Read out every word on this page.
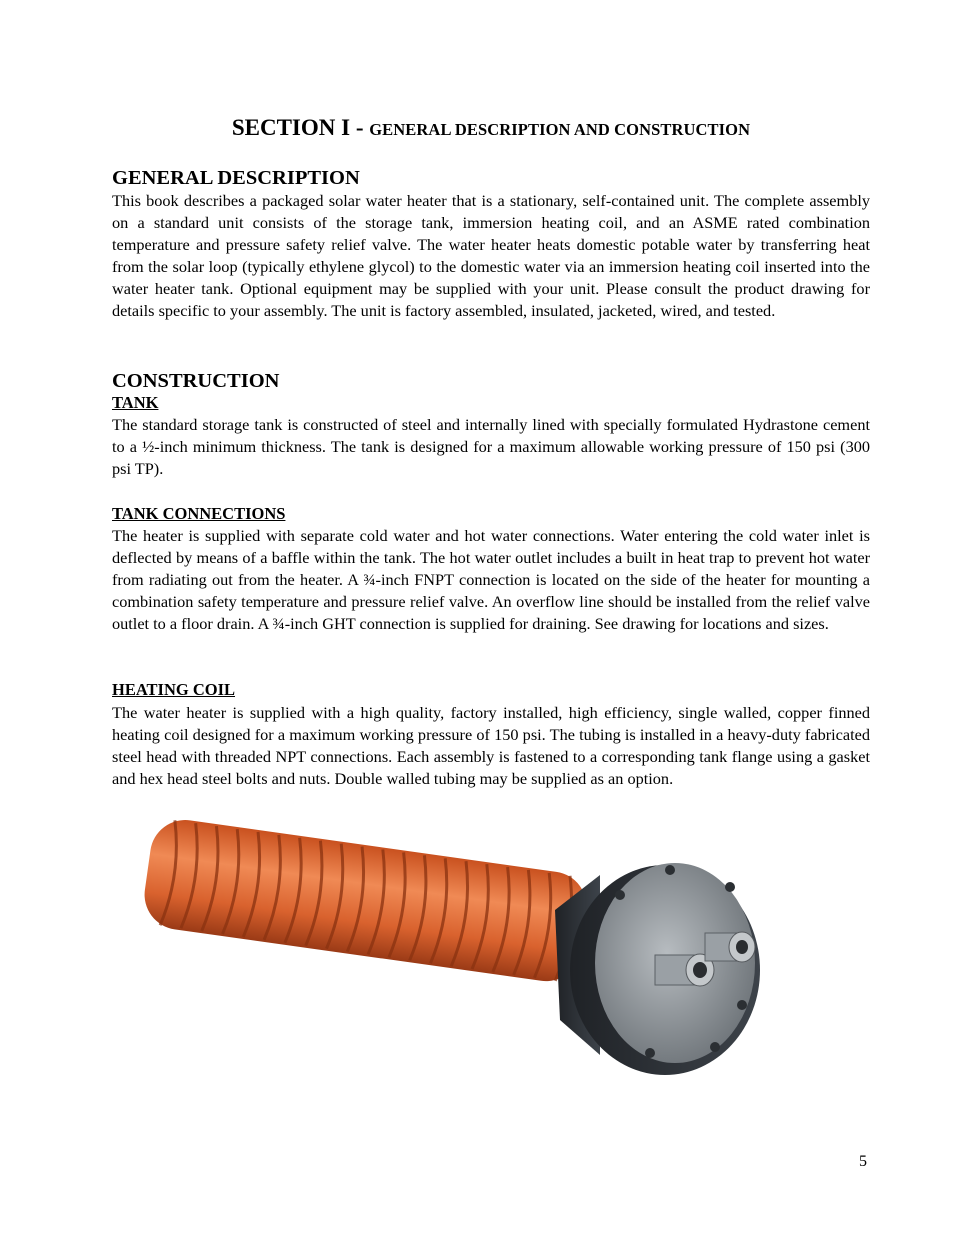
SECTION I - GENERAL DESCRIPTION AND CONSTRUCTION
GENERAL DESCRIPTION

This book describes a packaged solar water heater that is a stationary, self-contained unit. The complete assembly on a standard unit consists of the storage tank, immersion heating coil, and an ASME rated combination temperature and pressure safety relief valve. The water heater heats domestic potable water by transferring heat from the solar loop (typically ethylene glycol) to the domestic water via an immersion heating coil inserted into the water heater tank. Optional equipment may be supplied with your unit. Please consult the product drawing for details specific to your assembly. The unit is factory assembled, insulated, jacketed, wired, and tested.

CONSTRUCTION
TANK

The standard storage tank is constructed of steel and internally lined with specially formulated Hydrastone cement to a ½-inch minimum thickness. The tank is designed for a maximum allowable working pressure of 150 psi (300 psi TP).

TANK CONNECTIONS

The heater is supplied with separate cold water and hot water connections. Water entering the cold water inlet is deflected by means of a baffle within the tank. The hot water outlet includes a built in heat trap to prevent hot water from radiating out from the heater. A ¾-inch FNPT connection is located on the side of the heater for mounting a combination safety temperature and pressure relief valve. An overflow line should be installed from the relief valve outlet to a floor drain. A ¾-inch GHT connection is supplied for draining. See drawing for locations and sizes.

HEATING COIL

The water heater is supplied with a high quality, factory installed, high efficiency, single walled, copper finned heating coil designed for a maximum working pressure of 150 psi. The tubing is installed in a heavy-duty fabricated steel head with threaded NPT connections. Each assembly is fastened to a corresponding tank flange using a gasket and hex head steel bolts and nuts. Double walled tubing may be supplied as an option.

5
